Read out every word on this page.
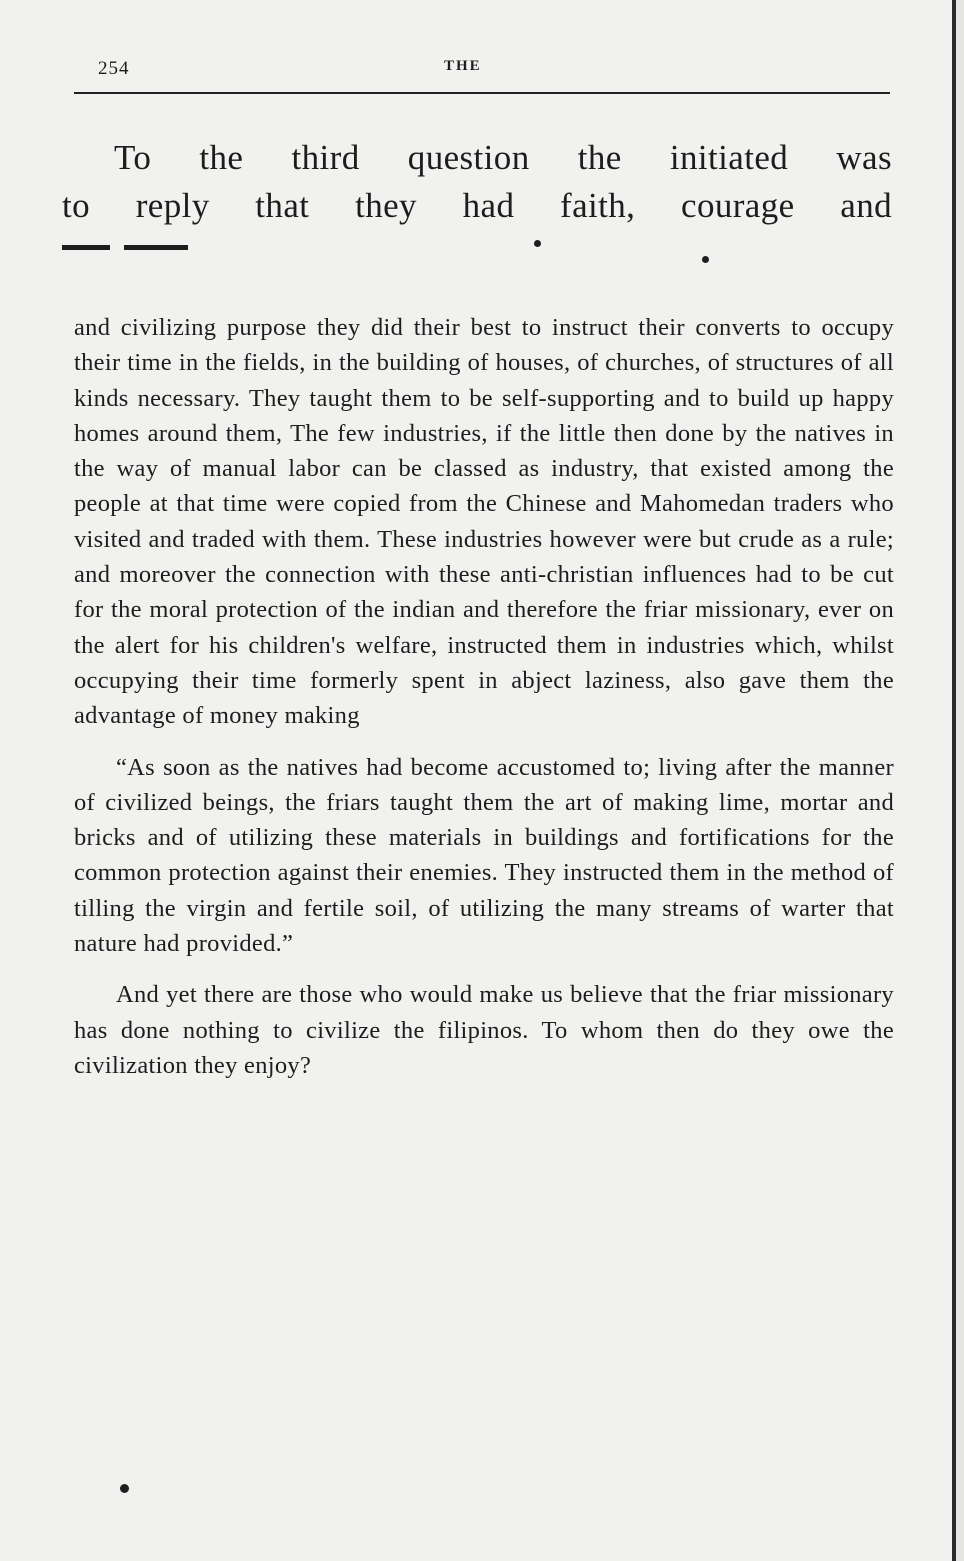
254	THE
To the third question the initiated was
to reply that they had faith, courage and

and civilizing purpose they did their best to instruct their converts to occupy their time in the fields, in the building of houses, of churches, of structures of all kinds necessary. They taught them to be self-supporting and to build up happy homes around them, The few industries, if the little then done by the natives in the way of manual labor can be classed as industry, that existed among the people at that time were copied from the Chinese and Mahomedan traders who visited and traded with them. These industries however were but crude as a rule; and moreover the connection with these anti-christian influences had to be cut for the moral protection of the indian and therefore the friar missionary, ever on the alert for his children's welfare, instructed them in industries which, whilst occupying their time formerly spent in abject laziness, also gave them the advantage of money making

“As soon as the natives had become accustomed to; living after the manner of civilized beings, the friars taught them the art of making lime, mortar and bricks and of utilizing these materials in buildings and fortifications for the common protection against their enemies. They instructed them in the method of tilling the virgin and fertile soil, of utilizing the many streams of warter that nature had provided.”

And yet there are those who would make us believe that the friar missionary has done nothing to civilize the filipinos. To whom then do they owe the civilization they enjoy?
